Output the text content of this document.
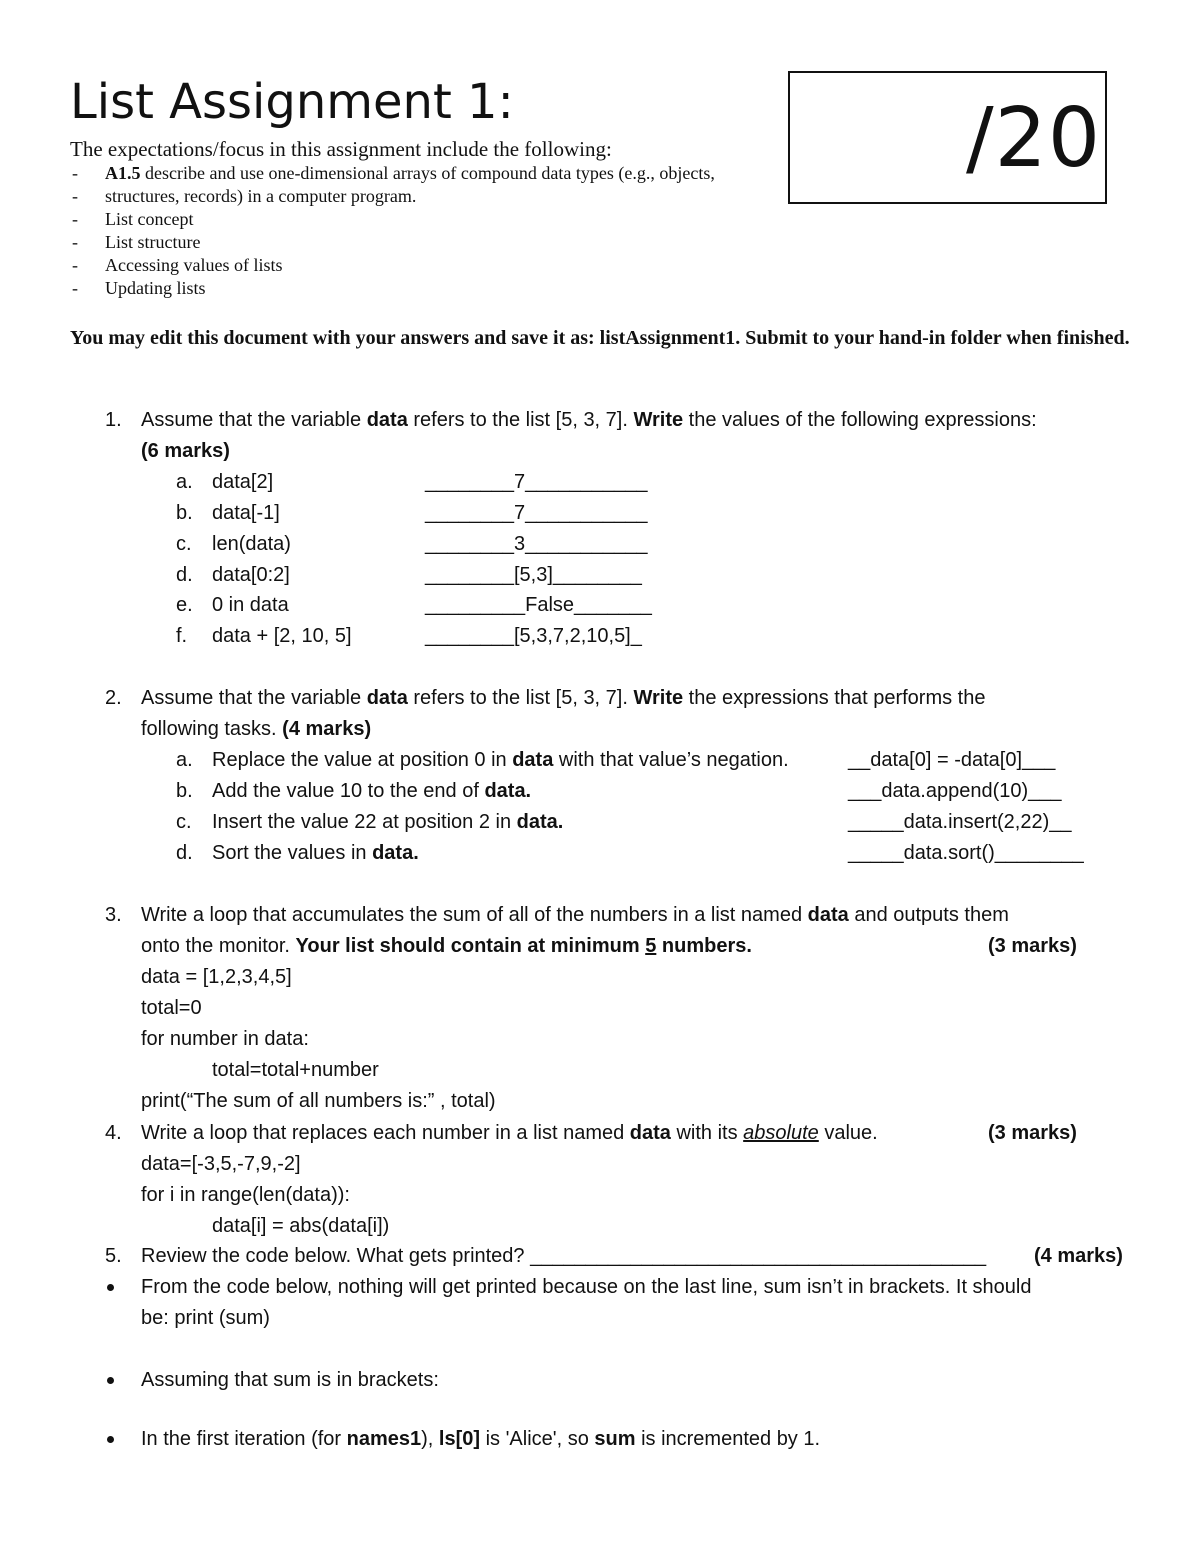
List Assignment 1:	/20
The expectations/focus in this assignment include the following:
- A1.5 describe and use one-dimensional arrays of compound data types (e.g., objects,
- structures, records) in a computer program.
- List concept
- List structure
- Accessing values of lists
- Updating lists
You may edit this document with your answers and save it as: listAssignment1. Submit to your hand-in folder when finished.
1. Assume that the variable data refers to the list [5, 3, 7]. Write the values of the following expressions:
(6 marks)
a. data[2]	________7___________
b. data[-1]	________7___________
c. len(data)	________3___________
d. data[0:2]	________[5,3]________
e. 0 in data	_________False_______
f. data + [2, 10, 5]	________[5,3,7,2,10,5]_
2. Assume that the variable data refers to the list [5, 3, 7]. Write the expressions that performs the
following tasks. (4 marks)
a. Replace the value at position 0 in data with that value’s negation.	__data[0] = -data[0]___
b. Add the value 10 to the end of data.	___data.append(10)___
c. Insert the value 22 at position 2 in data.	_____data.insert(2,22)__
d. Sort the values in data.	_____data.sort()________
3. Write a loop that accumulates the sum of all of the numbers in a list named data and outputs them
onto the monitor. Your list should contain at minimum 5 numbers.	(3 marks)
data = [1,2,3,4,5]
total=0
for number in data:
total=total+number
print(“The sum of all numbers is:” , total)
4. Write a loop that replaces each number in a list named data with its absolute value.	(3 marks)
data=[-3,5,-7,9,-2]
for i in range(len(data)):
data[i] = abs(data[i])
5. Review the code below. What gets printed? _________________________________________ (4 marks)
From the code below, nothing will get printed because on the last line, sum isn’t in brackets. It should
be: print (sum)
Assuming that sum is in brackets:
In the first iteration (for names1), ls[0] is 'Alice', so sum is incremented by 1.
